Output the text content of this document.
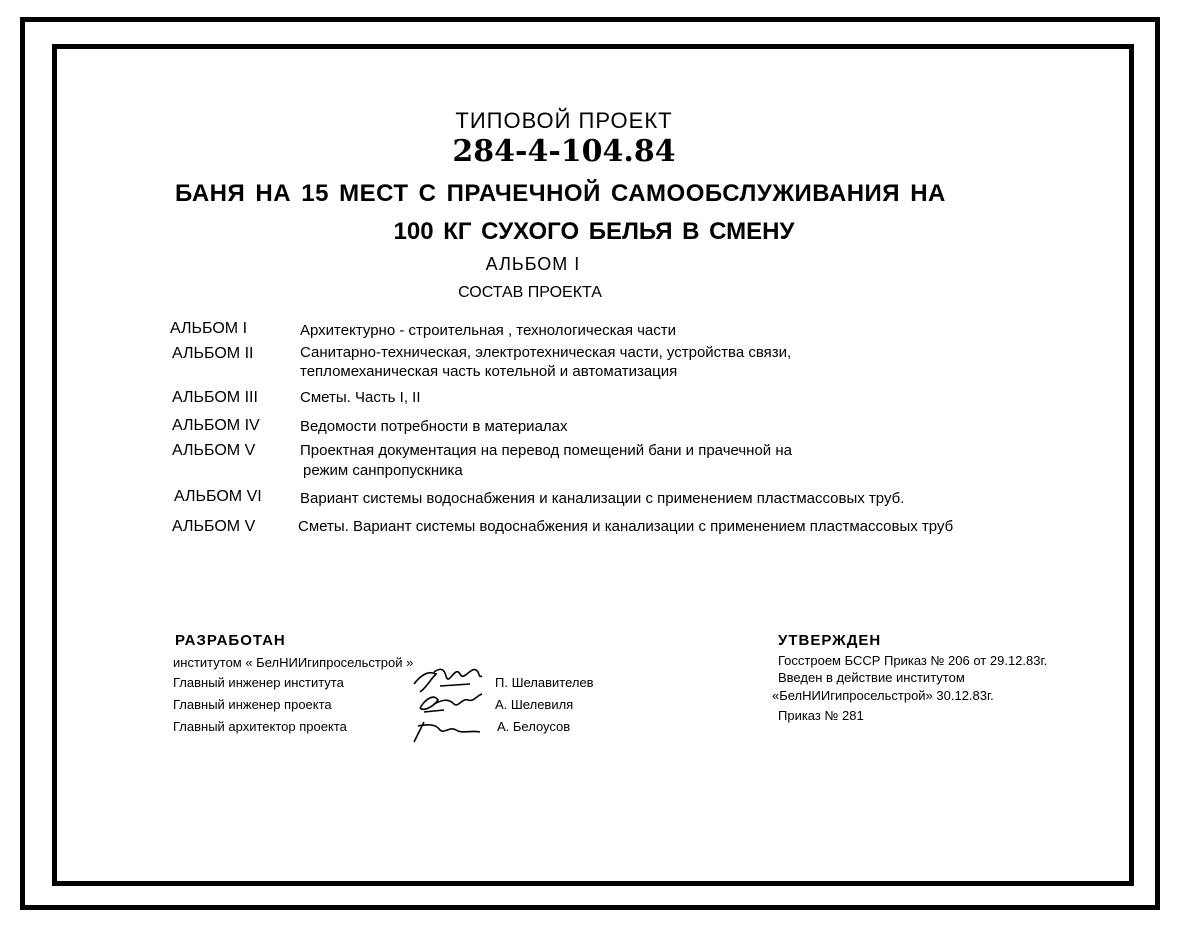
ТИПОВОЙ ПРОЕКТ
284-4-104.84
БАНЯ НА 15 МЕСТ С ПРАЧЕЧНОЙ САМООБСЛУЖИВАНИЯ НА
100 КГ СУХОГО БЕЛЬЯ В СМЕНУ
АЛЬБОМ I
СОСТАВ ПРОЕКТА
АЛЬБОМ I	Архитектурно - строительная , технологическая части
АЛЬБОМ II	Санитарно-техническая, электротехническая части, устройства связи,
тепломеханическая часть котельной и автоматизация
АЛЬБОМ III	Сметы. Часть I, II
АЛЬБОМ IV	Ведомости потребности в материалах
АЛЬБОМ V	Проектная документация на перевод помещений бани и прачечной на
режим санпропускника
АЛЬБОМ VI	Вариант системы водоснабжения и канализации с применением пластмассовых труб.
АЛЬБОМ V	Сметы. Вариант системы водоснабжения и канализации с применением пластмассовых труб
РАЗРАБОТАН
институтом « БелНИИгипросельстрой »
Главный инженер института	П. Шелавителев
Главный инженер проекта	А. Шелевиля
Главный архитектор проекта	А. Белоусов
УТВЕРЖДЕН
Госстроем БССР Приказ № 206 от 29.12.83г.
Введен в действие институтом
«БелНИИгипросельстрой» 30.12.83г.
Приказ № 281
